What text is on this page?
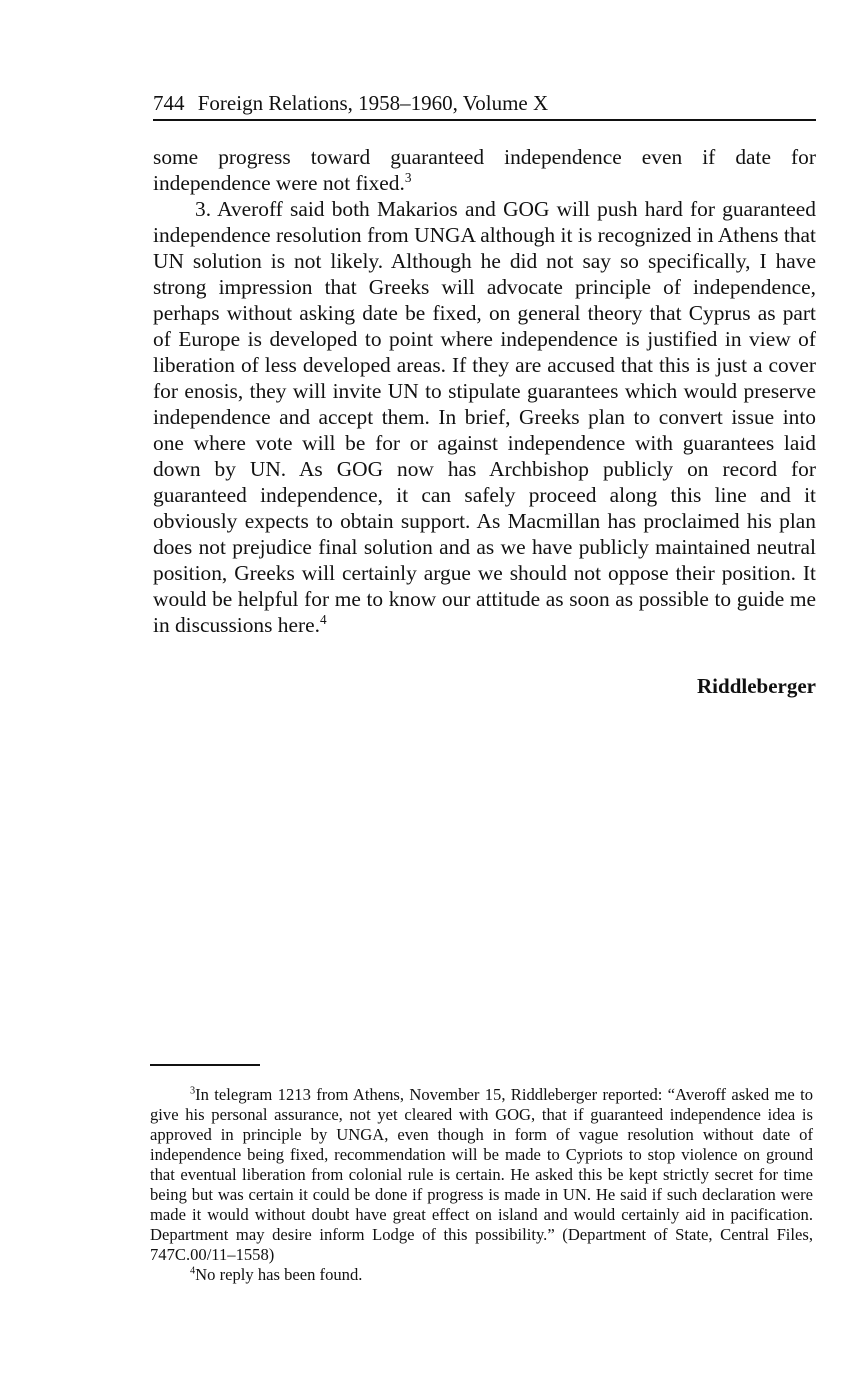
744 Foreign Relations, 1958–1960, Volume X

some progress toward guaranteed independence even if date for independence were not fixed.$^3$

3. Averoff said both Makarios and GOG will push hard for guaranteed independence resolution from UNGA although it is recognized in Athens that UN solution is not likely. Although he did not say so specifically, I have strong impression that Greeks will advocate principle of independence, perhaps without asking date be fixed, on general theory that Cyprus as part of Europe is developed to point where independence is justified in view of liberation of less developed areas. If they are accused that this is just a cover for enosis, they will invite UN to stipulate guarantees which would preserve independence and accept them. In brief, Greeks plan to convert issue into one where vote will be for or against independence with guarantees laid down by UN. As GOG now has Archbishop publicly on record for guaranteed independence, it can safely proceed along this line and it obviously expects to obtain support. As Macmillan has proclaimed his plan does not prejudice final solution and as we have publicly maintained neutral position, Greeks will certainly argue we should not oppose their position. It would be helpful for me to know our attitude as soon as possible to guide me in discussions here.$^4$

Riddleberger

$^3$In telegram 1213 from Athens, November 15, Riddleberger reported: “Averoff asked me to give his personal assurance, not yet cleared with GOG, that if guaranteed independence idea is approved in principle by UNGA, even though in form of vague resolution without date of independence being fixed, recommendation will be made to Cypriots to stop violence on ground that eventual liberation from colonial rule is certain. He asked this be kept strictly secret for time being but was certain it could be done if progress is made in UN. He said if such declaration were made it would without doubt have great effect on island and would certainly aid in pacification. Department may desire inform Lodge of this possibility.” (Department of State, Central Files, 747C.00/11–1558)

$^4$No reply has been found.
